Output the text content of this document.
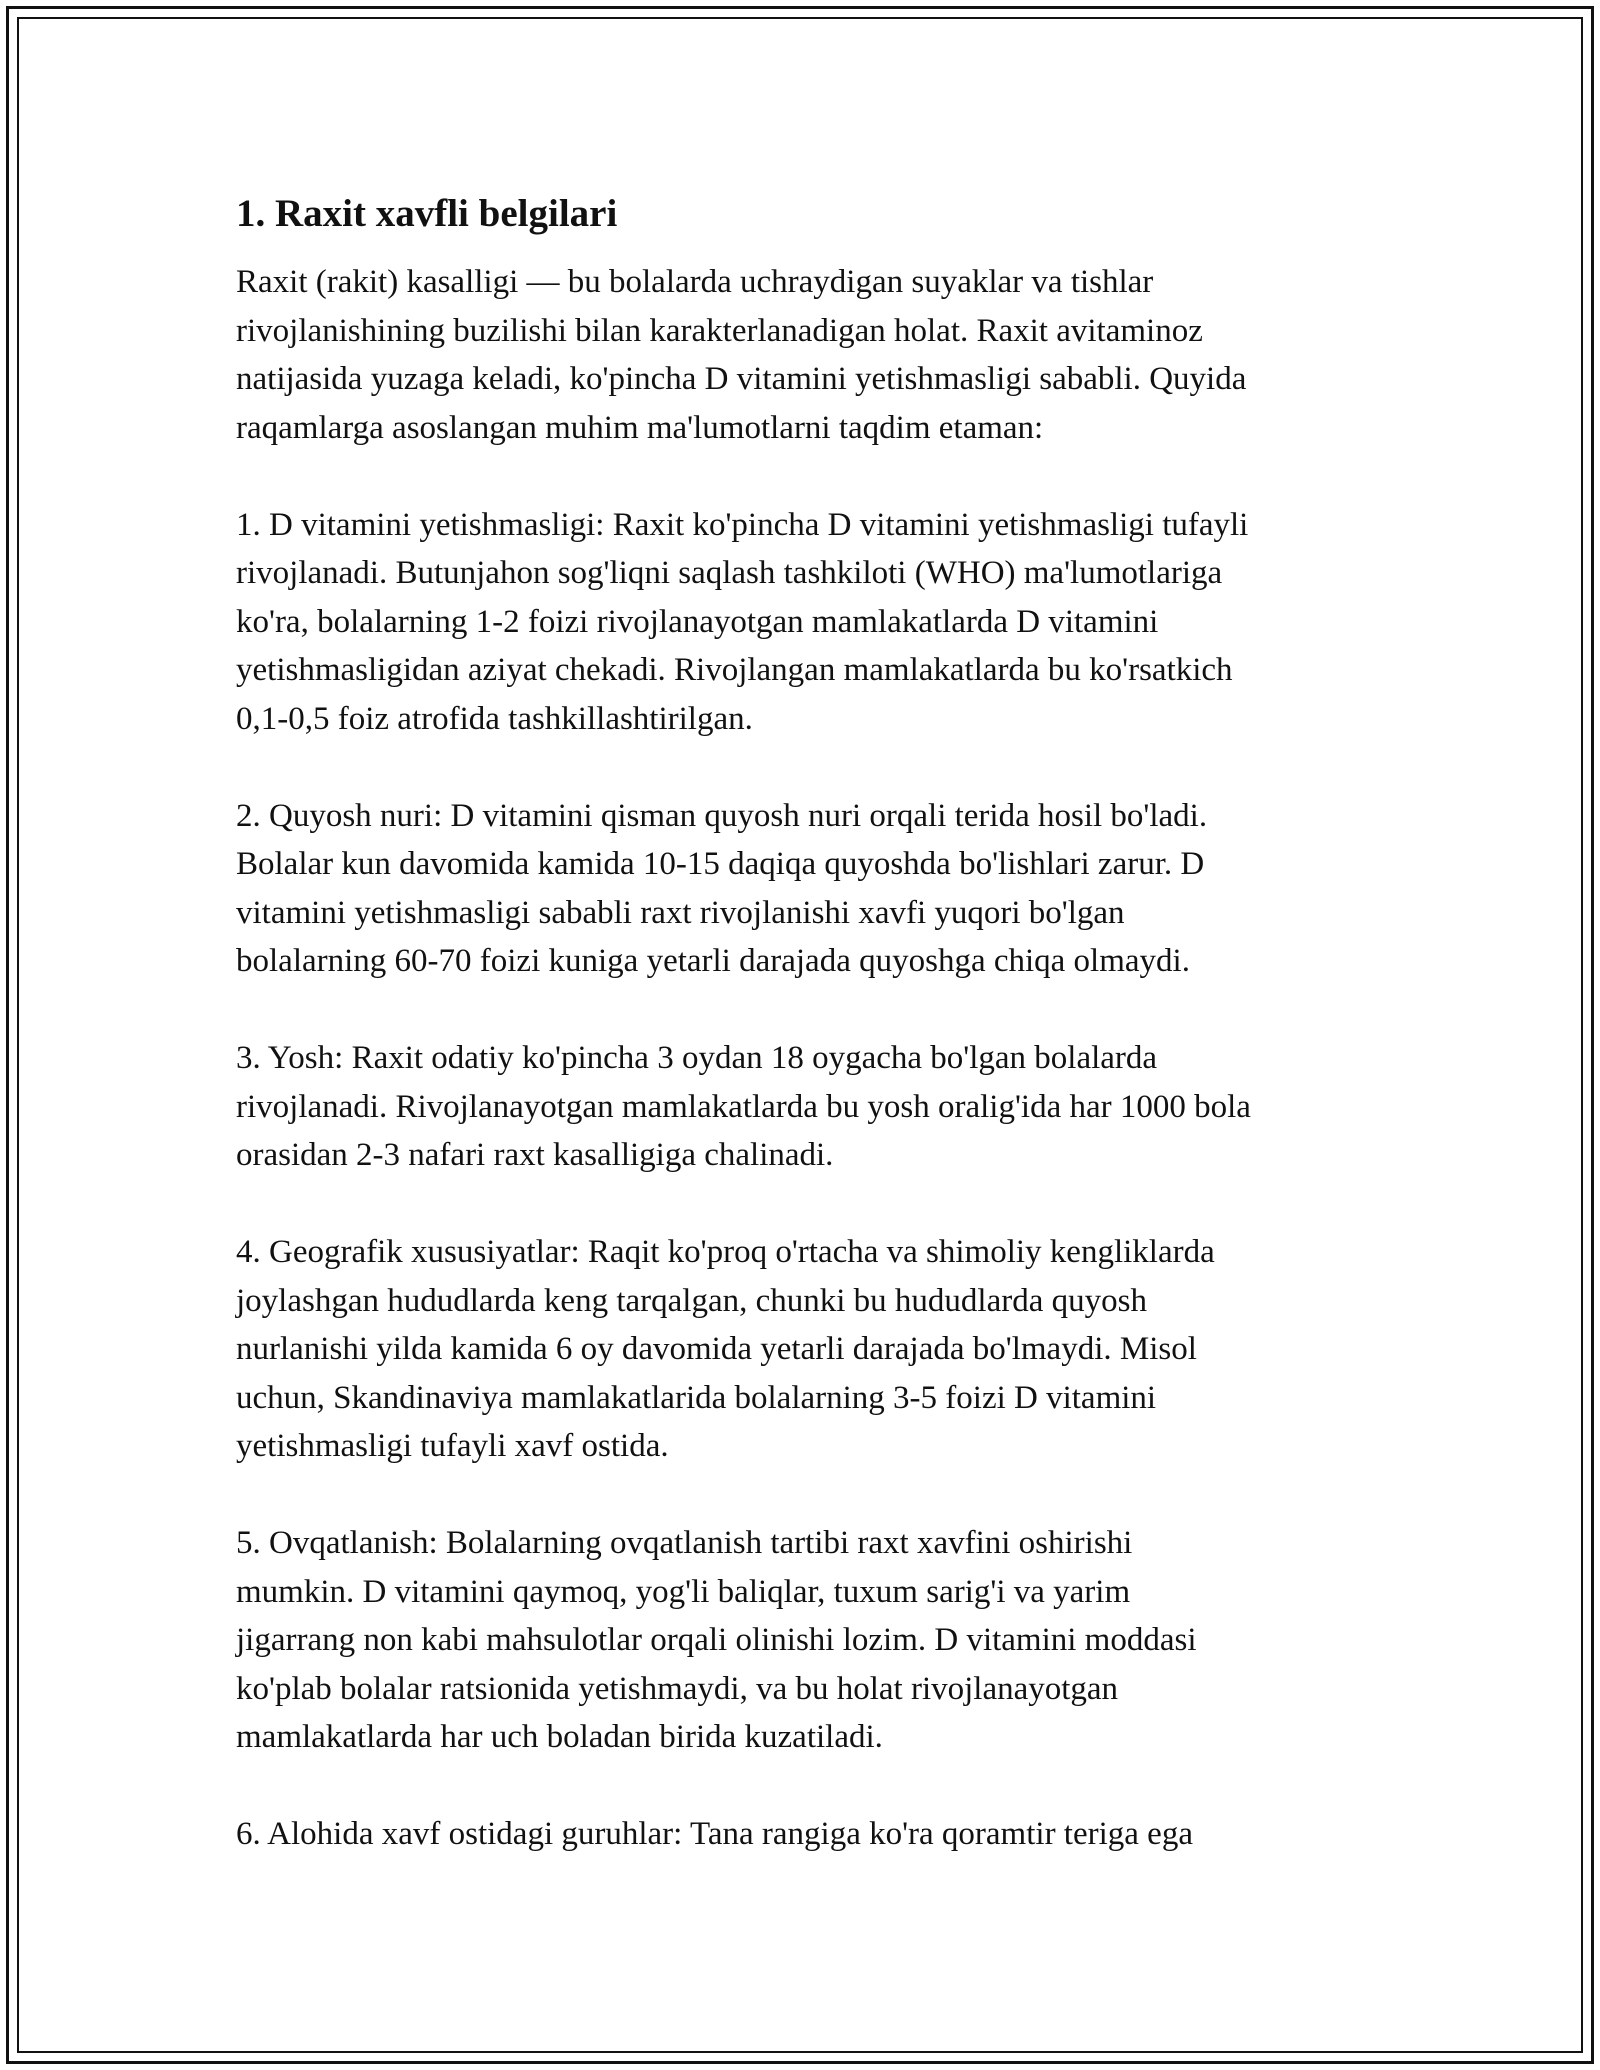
1. Raxit xavfli belgilari
Raxit (rakit) kasalligi — bu bolalarda uchraydigan suyaklar va tishlar
rivojlanishining buzilishi bilan karakterlanadigan holat. Raxit avitaminoz
natijasida yuzaga keladi, ko'pincha D vitamini yetishmasligi sababli. Quyida
raqamlarga asoslangan muhim ma'lumotlarni taqdim etaman:
1. D vitamini yetishmasligi: Raxit ko'pincha D vitamini yetishmasligi tufayli
rivojlanadi. Butunjahon sog'liqni saqlash tashkiloti (WHO) ma'lumotlariga
ko'ra, bolalarning 1-2 foizi rivojlanayotgan mamlakatlarda D vitamini
yetishmasligidan aziyat chekadi. Rivojlangan mamlakatlarda bu ko'rsatkich
0,1-0,5 foiz atrofida tashkillashtirilgan.
2. Quyosh nuri: D vitamini qisman quyosh nuri orqali terida hosil bo'ladi.
Bolalar kun davomida kamida 10-15 daqiqa quyoshda bo'lishlari zarur. D
vitamini yetishmasligi sababli raxt rivojlanishi xavfi yuqori bo'lgan
bolalarning 60-70 foizi kuniga yetarli darajada quyoshga chiqa olmaydi.
3. Yosh: Raxit odatiy ko'pincha 3 oydan 18 oygacha bo'lgan bolalarda
rivojlanadi. Rivojlanayotgan mamlakatlarda bu yosh oralig'ida har 1000 bola
orasidan 2-3 nafari raxt kasalligiga chalinadi.
4. Geografik xususiyatlar: Raqit ko'proq o'rtacha va shimoliy kengliklarda
joylashgan hududlarda keng tarqalgan, chunki bu hududlarda quyosh
nurlanishi yilda kamida 6 oy davomida yetarli darajada bo'lmaydi. Misol
uchun, Skandinaviya mamlakatlarida bolalarning 3-5 foizi D vitamini
yetishmasligi tufayli xavf ostida.
5. Ovqatlanish: Bolalarning ovqatlanish tartibi raxt xavfini oshirishi
mumkin. D vitamini qaymoq, yog'li baliqlar, tuxum sarig'i va yarim
jigarrang non kabi mahsulotlar orqali olinishi lozim. D vitamini moddasi
ko'plab bolalar ratsionida yetishmaydi, va bu holat rivojlanayotgan
mamlakatlarda har uch boladan birida kuzatiladi.
6. Alohida xavf ostidagi guruhlar: Tana rangiga ko'ra qoramtir teriga ega
